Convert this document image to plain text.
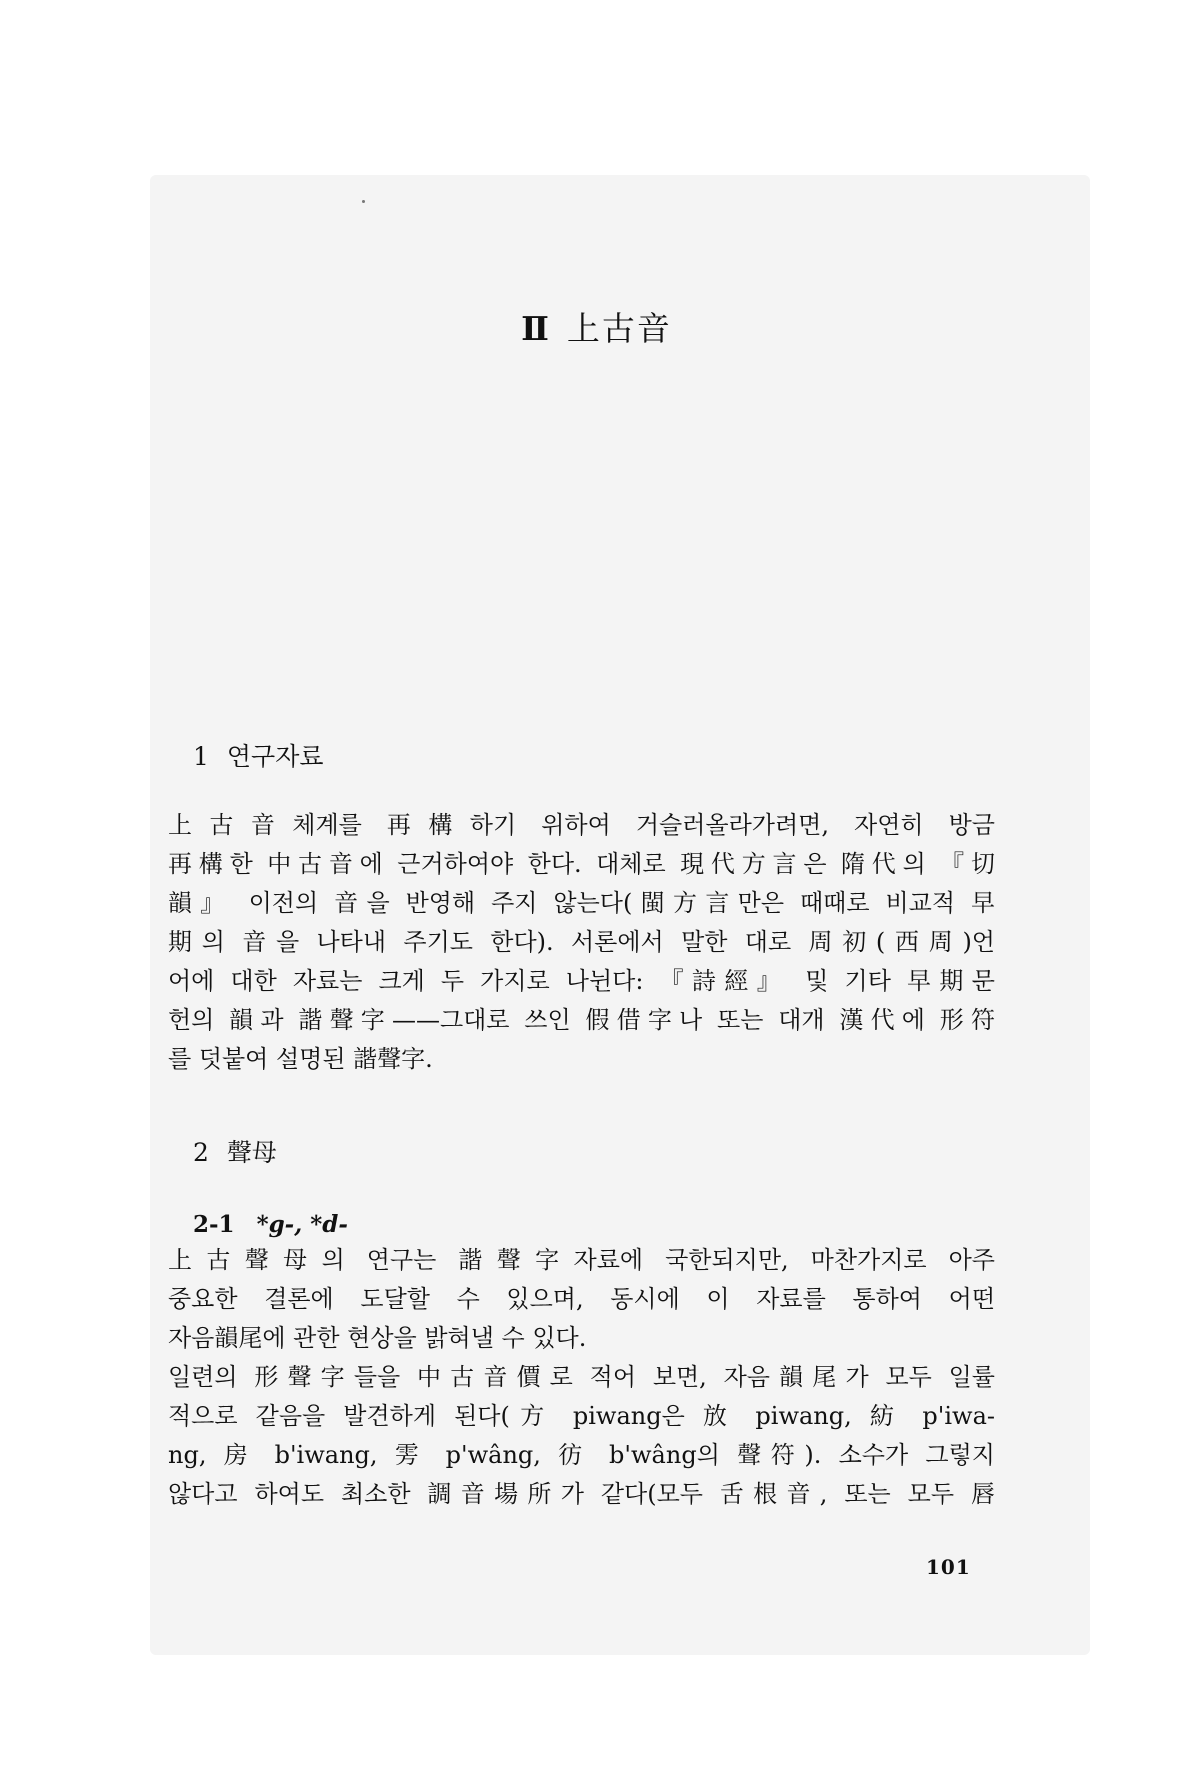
Ⅱ 上古音
1 연구자료
上古音체계를 再構하기 위하여 거슬러올라가려면, 자연히 방금
再構한 中古音에 근거하여야 한다. 대체로 現代方言은 隋代의 『切
韻』 이전의 音을 반영해 주지 않는다(閩方言만은 때때로 비교적 早
期의 音을 나타내 주기도 한다). 서론에서 말한 대로 周初(西周)언
어에 대한 자료는 크게 두 가지로 나뉜다: 『詩經』 및 기타 早期문
헌의 韻과 諧聲字——그대로 쓰인 假借字나 또는 대개 漢代에 形符
를 덧붙여 설명된 諧聲字.
2 聲母
2-1 *g-, *d-
上古聲母의 연구는 諧聲字자료에 국한되지만, 마찬가지로 아주
중요한 결론에 도달할 수 있으며, 동시에 이 자료를 통하여 어떤
자음韻尾에 관한 현상을 밝혀낼 수 있다.
일련의 形聲字들을 中古音價로 적어 보면, 자음韻尾가 모두 일률
적으로 같음을 발견하게 된다(方 piwang은 放 piwang, 紡 p'iwa-
ng, 房 b'iwang, 雱 p'wâng, 彷 b'wâng의 聲符). 소수가 그렇지
않다고 하여도 최소한 調音場所가 같다(모두 舌根音, 또는 모두 唇
101
